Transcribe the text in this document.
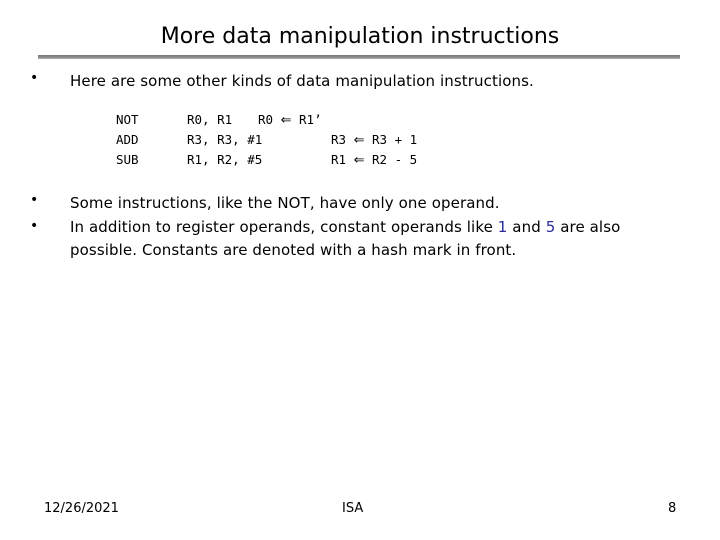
More data manipulation instructions
• Here are some other kinds of data manipulation instructions.
NOT
ADD
SUB
R0, R1
R3, R3, #1
R1, R2, #5
R0 ⇐ R1’
R3 ⇐ R3 + 1
R1 ⇐ R2 - 5
• Some instructions, like the NOT, have only one operand.
• In addition to register operands, constant operands like 1 and 5 are also possible. Constants are denoted with a hash mark in front.
12/26/2021	ISA	8
